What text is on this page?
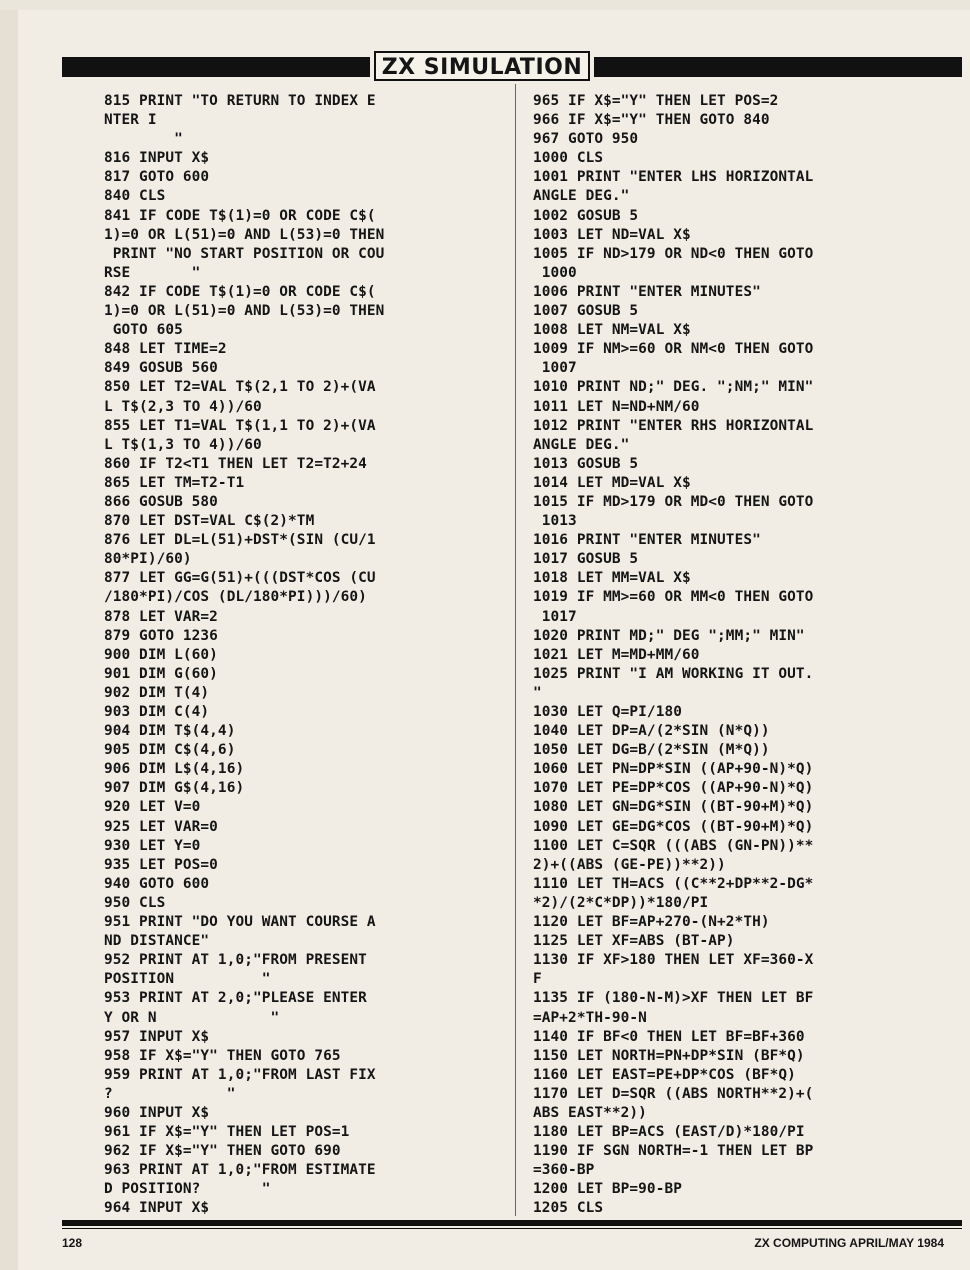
ZX SIMULATION
815 PRINT "TO RETURN TO INDEX E
NTER I
"
816 INPUT X$
817 GOTO 600
840 CLS
841 IF CODE T$(1)=0 OR CODE C$(
1)=0 OR L(51)=0 AND L(53)=0 THEN
PRINT "NO START POSITION OR COU
RSE       "
842 IF CODE T$(1)=0 OR CODE C$(
1)=0 OR L(51)=0 AND L(53)=0 THEN
GOTO 605
848 LET TIME=2
849 GOSUB 560
850 LET T2=VAL T$(2,1 TO 2)+(VA
L T$(2,3 TO 4))/60
855 LET T1=VAL T$(1,1 TO 2)+(VA
L T$(1,3 TO 4))/60
860 IF T2<T1 THEN LET T2=T2+24
865 LET TM=T2-T1
866 GOSUB 580
870 LET DST=VAL C$(2)*TM
876 LET DL=L(51)+DST*(SIN (CU/1
80*PI)/60)
877 LET GG=G(51)+(((DST*COS (CU
/180*PI)/COS (DL/180*PI)))/60)
878 LET VAR=2
879 GOTO 1236
900 DIM L(60)
901 DIM G(60)
902 DIM T(4)
903 DIM C(4)
904 DIM T$(4,4)
905 DIM C$(4,6)
906 DIM L$(4,16)
907 DIM G$(4,16)
920 LET V=0
925 LET VAR=0
930 LET Y=0
935 LET POS=0
940 GOTO 600
950 CLS
951 PRINT "DO YOU WANT COURSE A
ND DISTANCE"
952 PRINT AT 1,0;"FROM PRESENT
POSITION          "
953 PRINT AT 2,0;"PLEASE ENTER
Y OR N             "
957 INPUT X$
958 IF X$="Y" THEN GOTO 765
959 PRINT AT 1,0;"FROM LAST FIX
?             "
960 INPUT X$
961 IF X$="Y" THEN LET POS=1
962 IF X$="Y" THEN GOTO 690
963 PRINT AT 1,0;"FROM ESTIMATE
D POSITION?       "
964 INPUT X$
965 IF X$="Y" THEN LET POS=2
966 IF X$="Y" THEN GOTO 840
967 GOTO 950
1000 CLS
1001 PRINT "ENTER LHS HORIZONTAL
ANGLE DEG."
1002 GOSUB 5
1003 LET ND=VAL X$
1005 IF ND>179 OR ND<0 THEN GOTO
1000
1006 PRINT "ENTER MINUTES"
1007 GOSUB 5
1008 LET NM=VAL X$
1009 IF NM>=60 OR NM<0 THEN GOTO
1007
1010 PRINT ND;" DEG. ";NM;" MIN"
1011 LET N=ND+NM/60
1012 PRINT "ENTER RHS HORIZONTAL
ANGLE DEG."
1013 GOSUB 5
1014 LET MD=VAL X$
1015 IF MD>179 OR MD<0 THEN GOTO
1013
1016 PRINT "ENTER MINUTES"
1017 GOSUB 5
1018 LET MM=VAL X$
1019 IF MM>=60 OR MM<0 THEN GOTO
1017
1020 PRINT MD;" DEG ";MM;" MIN"
1021 LET M=MD+MM/60
1025 PRINT "I AM WORKING IT OUT.
"
1030 LET Q=PI/180
1040 LET DP=A/(2*SIN (N*Q))
1050 LET DG=B/(2*SIN (M*Q))
1060 LET PN=DP*SIN ((AP+90-N)*Q)
1070 LET PE=DP*COS ((AP+90-N)*Q)
1080 LET GN=DG*SIN ((BT-90+M)*Q)
1090 LET GE=DG*COS ((BT-90+M)*Q)
1100 LET C=SQR (((ABS (GN-PN))**
2)+((ABS (GE-PE))**2))
1110 LET TH=ACS ((C**2+DP**2-DG*
*2)/(2*C*DP))*180/PI
1120 LET BF=AP+270-(N+2*TH)
1125 LET XF=ABS (BT-AP)
1130 IF XF>180 THEN LET XF=360-X
F
1135 IF (180-N-M)>XF THEN LET BF
=AP+2*TH-90-N
1140 IF BF<0 THEN LET BF=BF+360
1150 LET NORTH=PN+DP*SIN (BF*Q)
1160 LET EAST=PE+DP*COS (BF*Q)
1170 LET D=SQR ((ABS NORTH**2)+(
ABS EAST**2))
1180 LET BP=ACS (EAST/D)*180/PI
1190 IF SGN NORTH=-1 THEN LET BP
=360-BP
1200 LET BP=90-BP
1205 CLS
128	ZX COMPUTING APRIL/MAY 1984
